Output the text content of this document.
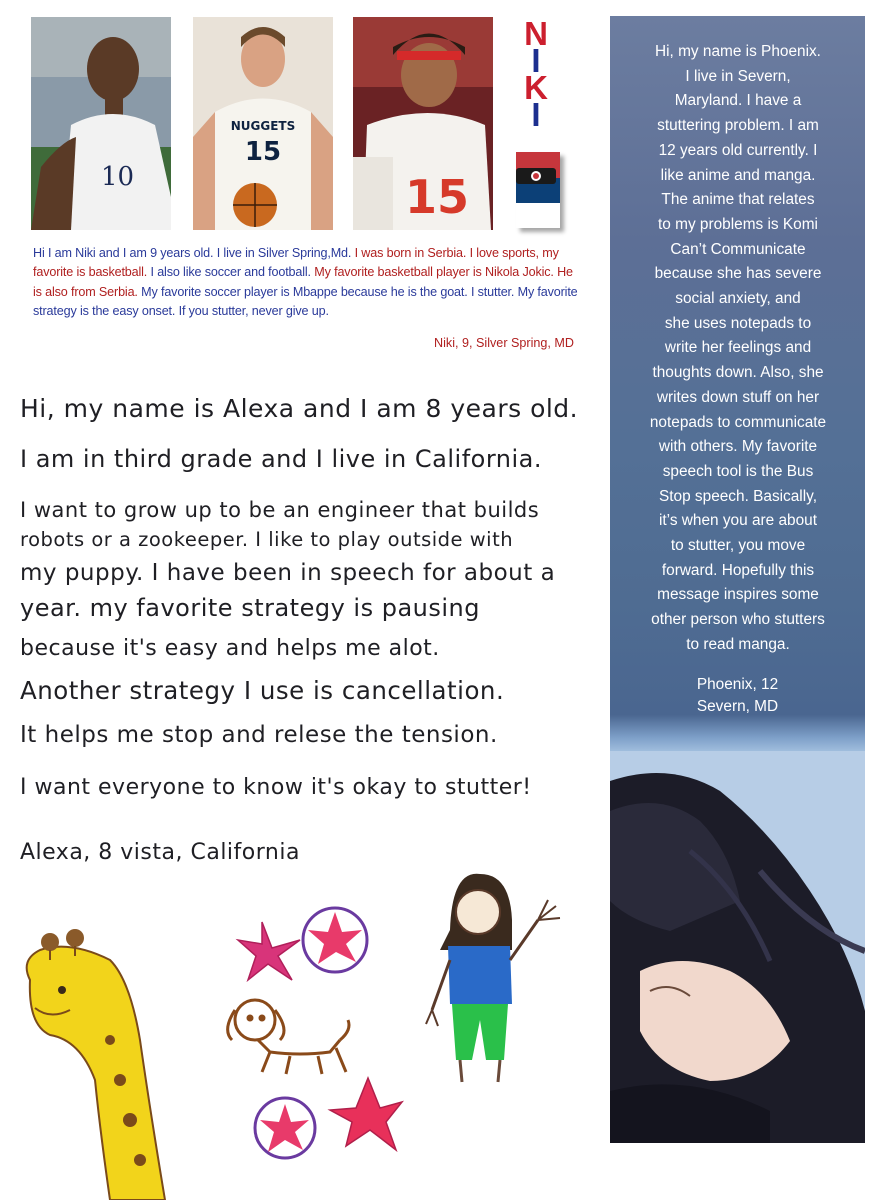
10
NUGGETS
15
15
N
I
K
I
Hi I am Niki and I am 9 years old. I live in Silver Spring,Md. I was born in Serbia. I love sports, my favorite is basketball. I also like soccer and football. My favorite basketball player is Nikola Jokic. He is also from Serbia. My favorite soccer player is Mbappe because he is the goat. I stutter. My favorite strategy is the easy onset. If you stutter, never give up.
Niki, 9, Silver Spring, MD
Hi, my name is Alexa and I am 8 years old.
I am in third grade and I live in California.
I want to grow up to be an engineer that builds
robots or a zookeeper. I like to play outside with
my puppy. I have been in speech for about a
year. my favorite strategy is pausing
because it's easy and helps me alot.
Another strategy I use is cancellation.
It helps me stop and relese the tension.
I want everyone to know it's okay to stutter!
Alexa, 8 vista, California
Hi, my name is Phoenix.
I live in Severn,
Maryland. I have a
stuttering problem. I am
12 years old currently. I
like anime and manga.
The anime that relates
to my problems is Komi
Can’t Communicate
because she has severe
social anxiety, and
she uses notepads to
write her feelings and
thoughts down. Also, she
writes down stuff on her
notepads to communicate
with others. My favorite
speech tool is the Bus
Stop speech. Basically,
it’s when you are about
to stutter, you move
forward. Hopefully this
message inspires some
other person who stutters
to read manga.
Phoenix, 12
Severn, MD
